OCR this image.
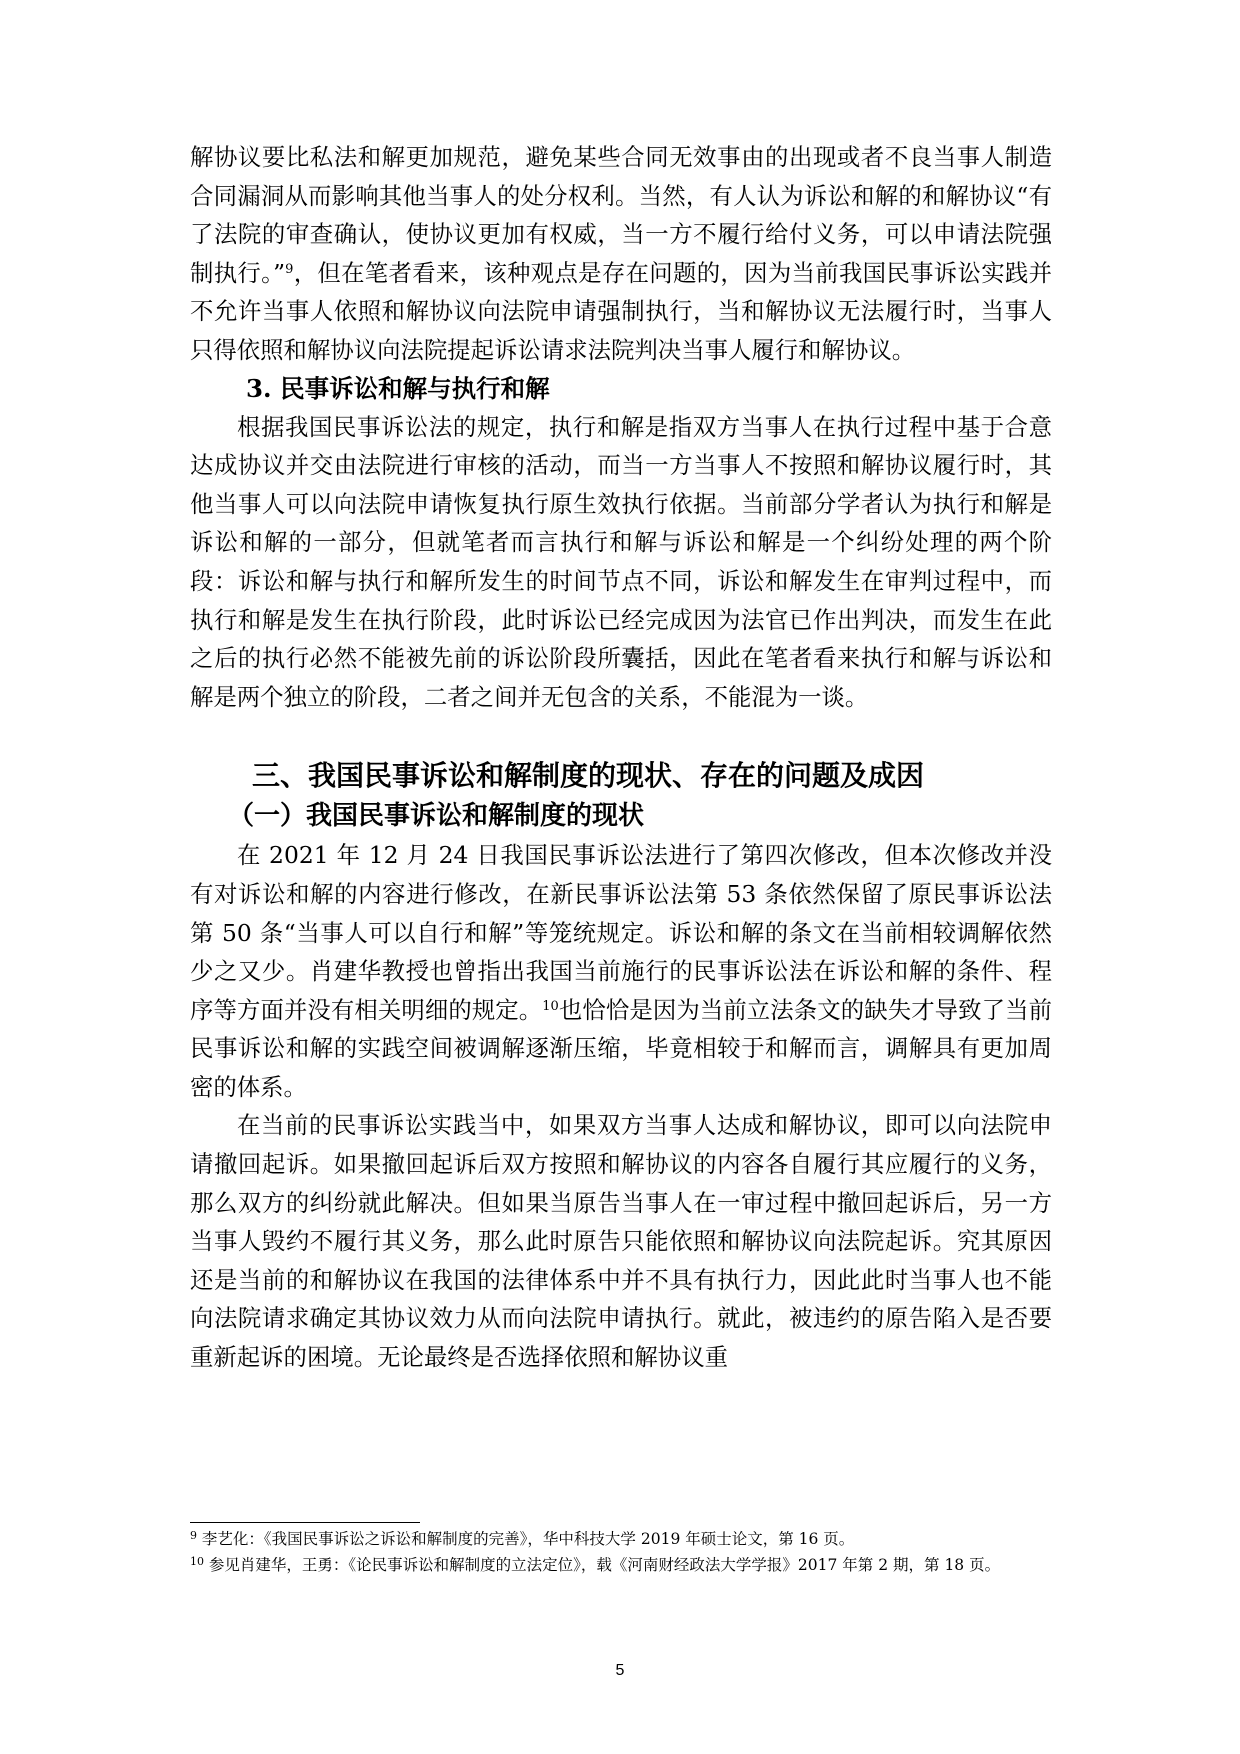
解协议要比私法和解更加规范，避免某些合同无效事由的出现或者不良当事人制造合同漏洞从而影响其他当事人的处分权利。当然，有人认为诉讼和解的和解协议“有了法院的审查确认，使协议更加有权威，当一方不履行给付义务，可以申请法院强制执行。”$^9$，但在笔者看来，该种观点是存在问题的，因为当前我国民事诉讼实践并不允许当事人依照和解协议向法院申请强制执行，当和解协议无法履行时，当事人只得依照和解协议向法院提起诉讼请求法院判决当事人履行和解协议。

3. 民事诉讼和解与执行和解

根据我国民事诉讼法的规定，执行和解是指双方当事人在执行过程中基于合意达成协议并交由法院进行审核的活动，而当一方当事人不按照和解协议履行时，其他当事人可以向法院申请恢复执行原生效执行依据。当前部分学者认为执行和解是诉讼和解的一部分，但就笔者而言执行和解与诉讼和解是一个纠纷处理的两个阶段：诉讼和解与执行和解所发生的时间节点不同，诉讼和解发生在审判过程中，而执行和解是发生在执行阶段，此时诉讼已经完成因为法官已作出判决，而发生在此之后的执行必然不能被先前的诉讼阶段所囊括，因此在笔者看来执行和解与诉讼和解是两个独立的阶段，二者之间并无包含的关系，不能混为一谈。

三、我国民事诉讼和解制度的现状、存在的问题及成因

（一）我国民事诉讼和解制度的现状

在 2021 年 12 月 24 日我国民事诉讼法进行了第四次修改，但本次修改并没有对诉讼和解的内容进行修改，在新民事诉讼法第 53 条依然保留了原民事诉讼法第 50 条“当事人可以自行和解”等笼统规定。诉讼和解的条文在当前相较调解依然少之又少。肖建华教授也曾指出我国当前施行的民事诉讼法在诉讼和解的条件、程序等方面并没有相关明细的规定。$^{10}$也恰恰是因为当前立法条文的缺失才导致了当前民事诉讼和解的实践空间被调解逐渐压缩，毕竟相较于和解而言，调解具有更加周密的体系。

在当前的民事诉讼实践当中，如果双方当事人达成和解协议，即可以向法院申请撤回起诉。如果撤回起诉后双方按照和解协议的内容各自履行其应履行的义务，那么双方的纠纷就此解决。但如果当原告当事人在一审过程中撤回起诉后，另一方当事人毁约不履行其义务，那么此时原告只能依照和解协议向法院起诉。究其原因还是当前的和解协议在我国的法律体系中并不具有执行力，因此此时当事人也不能向法院请求确定其协议效力从而向法院申请执行。就此，被违约的原告陷入是否要重新起诉的困境。无论最终是否选择依照和解协议重

$^9$ 李艺化：《我国民事诉讼之诉讼和解制度的完善》，华中科技大学 2019 年硕士论文，第 16 页。

$^{10}$ 参见肖建华，王勇：《论民事诉讼和解制度的立法定位》，载《河南财经政法大学学报》2017 年第 2 期，第 18 页。

5
